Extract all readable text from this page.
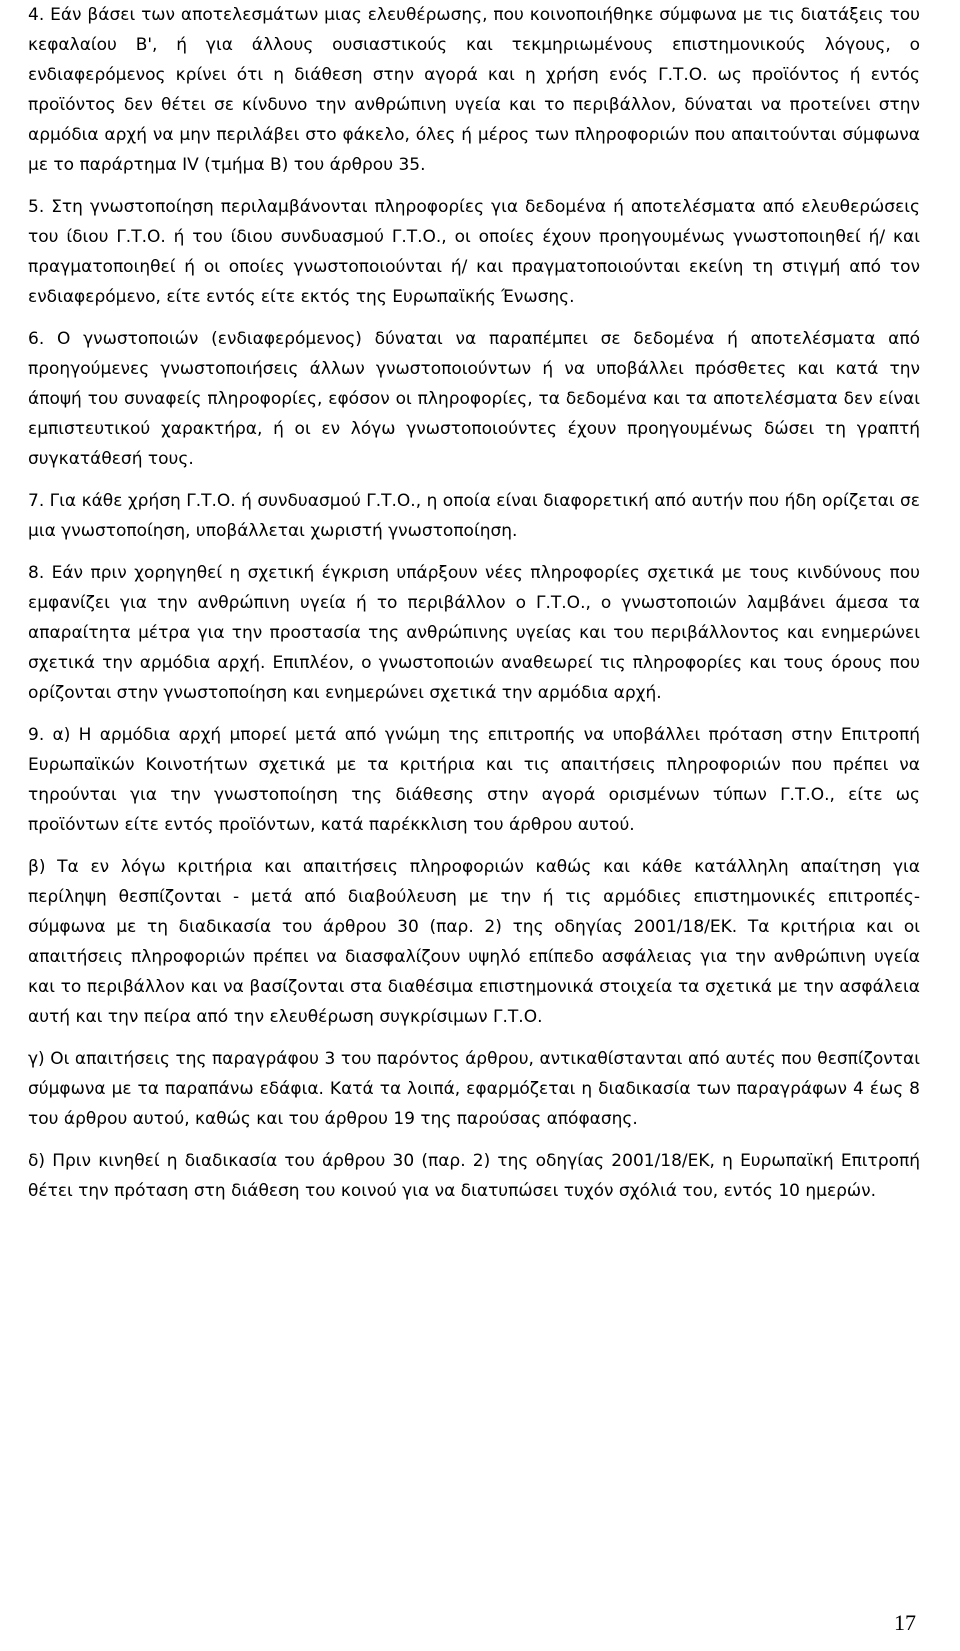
4. Εάν βάσει των αποτελεσμάτων μιας ελευθέρωσης, που κοινοποιήθηκε σύμφωνα με τις διατάξεις του κεφαλαίου Β', ή για άλλους ουσιαστικούς και τεκμηριωμένους επιστημονικούς λόγους, ο ενδιαφερόμενος κρίνει ότι η διάθεση στην αγορά και η χρήση ενός Γ.Τ.Ο. ως προϊόντος ή εντός προϊόντος δεν θέτει σε κίνδυνο την ανθρώπινη υγεία και το περιβάλλον, δύναται να προτείνει στην αρμόδια αρχή να μην περιλάβει στο φάκελο, όλες ή μέρος των πληροφοριών που απαιτούνται σύμφωνα με το παράρτημα IV (τμήμα Β) του άρθρου 35.

5. Στη γνωστοποίηση περιλαμβάνονται πληροφορίες για δεδομένα ή αποτελέσματα από ελευθερώσεις του ίδιου Γ.Τ.Ο. ή του ίδιου συνδυασμού Γ.Τ.Ο., οι οποίες έχουν προηγουμένως γνωστοποιηθεί ή/ και πραγματοποιηθεί ή οι οποίες γνωστοποιούνται ή/ και πραγματοποιούνται εκείνη τη στιγμή από τον ενδιαφερόμενο, είτε εντός είτε εκτός της Ευρωπαϊκής Ένωσης.

6. Ο γνωστοποιών (ενδιαφερόμενος) δύναται να παραπέμπει σε δεδομένα ή αποτελέσματα από προηγούμενες γνωστοποιήσεις άλλων γνωστοποιούντων ή να υποβάλλει πρόσθετες και κατά την άποψή του συναφείς πληροφορίες, εφόσον οι πληροφορίες, τα δεδομένα και τα αποτελέσματα δεν είναι εμπιστευτικού χαρακτήρα, ή οι εν λόγω γνωστοποιούντες έχουν προηγουμένως δώσει τη γραπτή συγκατάθεσή τους.

7. Για κάθε χρήση Γ.Τ.Ο. ή συνδυασμού Γ.Τ.Ο., η οποία είναι διαφορετική από αυτήν που ήδη ορίζεται σε μια γνωστοποίηση, υποβάλλεται χωριστή γνωστοποίηση.

8. Εάν πριν χορηγηθεί η σχετική έγκριση υπάρξουν νέες πληροφορίες σχετικά με τους κινδύνους που εμφανίζει για την ανθρώπινη υγεία ή το περιβάλλον ο Γ.Τ.Ο., ο γνωστοποιών λαμβάνει άμεσα τα απαραίτητα μέτρα για την προστασία της ανθρώπινης υγείας και του περιβάλλοντος και ενημερώνει σχετικά την αρμόδια αρχή. Επιπλέον, ο γνωστοποιών αναθεωρεί τις πληροφορίες και τους όρους που ορίζονται στην γνωστοποίηση και ενημερώνει σχετικά την αρμόδια αρχή.

9. α) Η αρμόδια αρχή μπορεί μετά από γνώμη της επιτροπής να υποβάλλει πρόταση στην Επιτροπή Ευρωπαϊκών Κοινοτήτων σχετικά με τα κριτήρια και τις απαιτήσεις πληροφοριών που πρέπει να τηρούνται για την γνωστοποίηση της διάθεσης στην αγορά ορισμένων τύπων Γ.Τ.Ο., είτε ως προϊόντων είτε εντός προϊόντων, κατά παρέκκλιση του άρθρου αυτού.

β) Τα εν λόγω κριτήρια και απαιτήσεις πληροφοριών καθώς και κάθε κατάλληλη απαίτηση για περίληψη θεσπίζονται - μετά από διαβούλευση με την ή τις αρμόδιες επιστημονικές επιτροπές- σύμφωνα με τη διαδικασία του άρθρου 30 (παρ. 2) της οδηγίας 2001/18/ΕΚ. Τα κριτήρια και οι απαιτήσεις πληροφοριών πρέπει να διασφαλίζουν υψηλό επίπεδο ασφάλειας για την ανθρώπινη υγεία και το περιβάλλον και να βασίζονται στα διαθέσιμα επιστημονικά στοιχεία τα σχετικά με την ασφάλεια αυτή και την πείρα από την ελευθέρωση συγκρίσιμων Γ.Τ.Ο.

γ) Οι απαιτήσεις της παραγράφου 3 του παρόντος άρθρου, αντικαθίστανται από αυτές που θεσπίζονται σύμφωνα με τα παραπάνω εδάφια. Κατά τα λοιπά, εφαρμόζεται η διαδικασία των παραγράφων 4 έως 8 του άρθρου αυτού, καθώς και του άρθρου 19 της παρούσας απόφασης.

δ) Πριν κινηθεί η διαδικασία του άρθρου 30 (παρ. 2) της οδηγίας 2001/18/ΕΚ, η Ευρωπαϊκή Επιτροπή θέτει την πρόταση στη διάθεση του κοινού για να διατυπώσει τυχόν σχόλιά του, εντός 10 ημερών.

17
